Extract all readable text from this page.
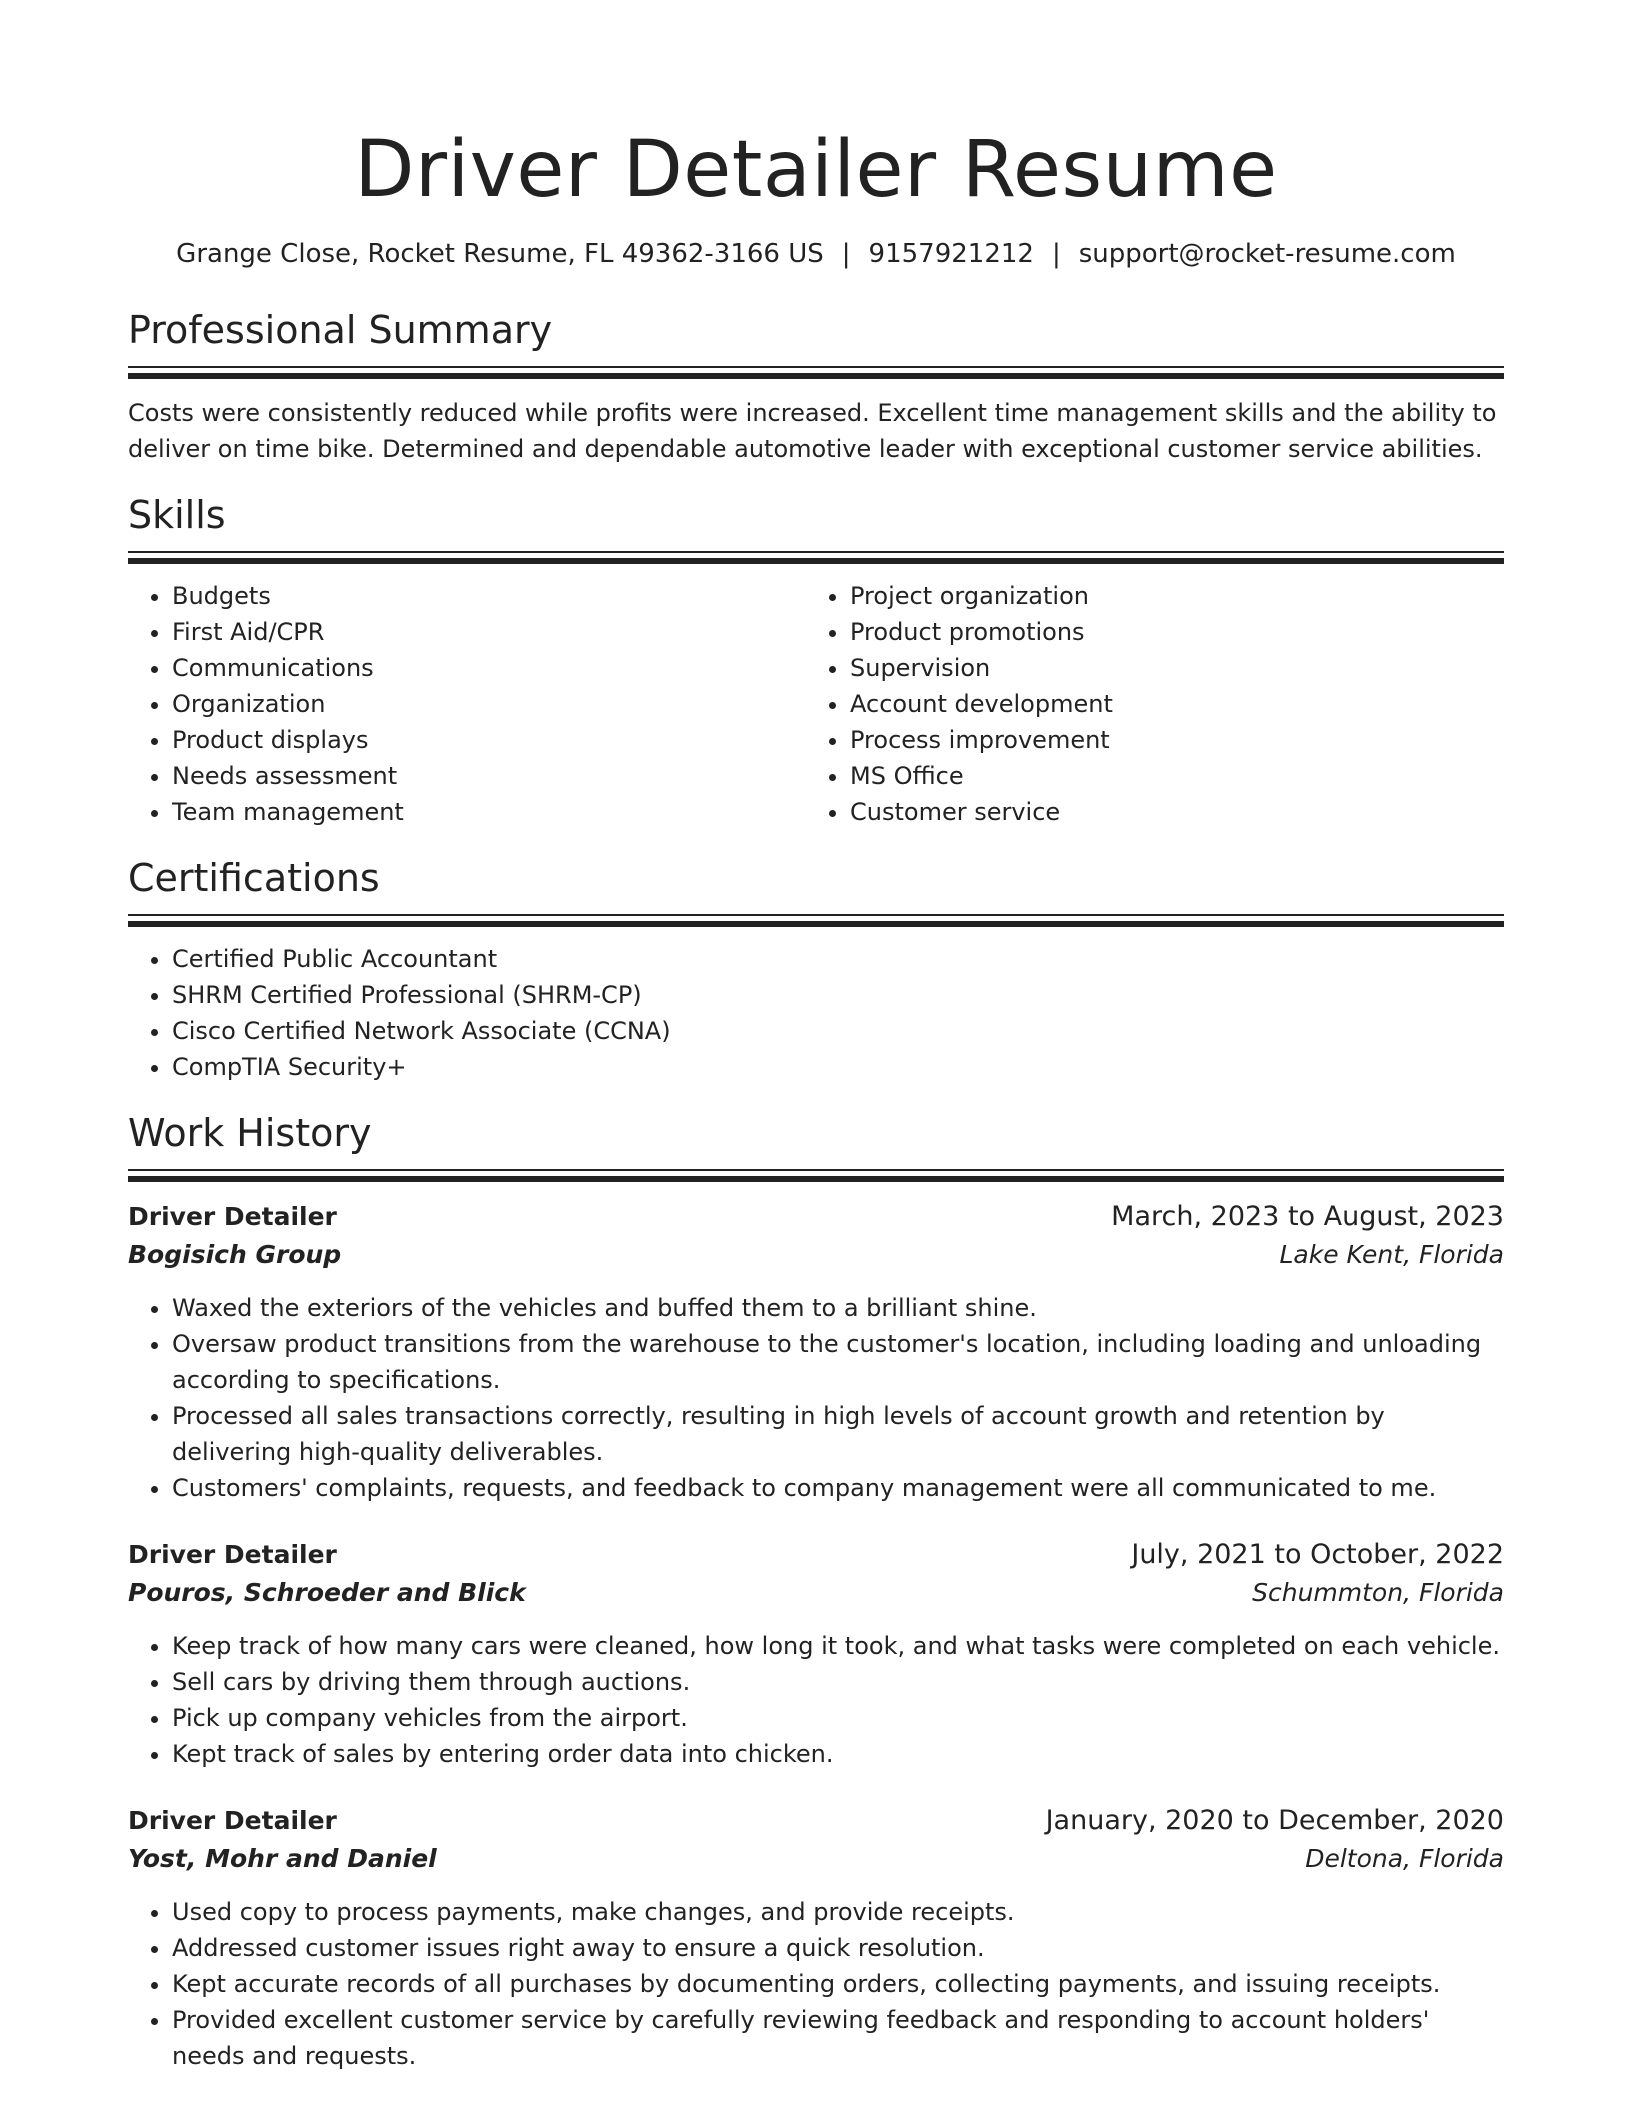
Driver Detailer Resume
Grange Close, Rocket Resume, FL 49362-3166 US | 9157921212 | support@rocket-resume.com
Professional Summary
Costs were consistently reduced while profits were increased. Excellent time management skills and the ability to deliver on time bike. Determined and dependable automotive leader with exceptional customer service abilities.
Skills
• Budgets
• First Aid/CPR
• Communications
• Organization
• Product displays
• Needs assessment
• Team management
• Project organization
• Product promotions
• Supervision
• Account development
• Process improvement
• MS Office
• Customer service
Certifications
• Certified Public Accountant
• SHRM Certified Professional (SHRM-CP)
• Cisco Certified Network Associate (CCNA)
• CompTIA Security+
Work History
Driver Detailer	March, 2023 to August, 2023
Bogisich Group	Lake Kent, Florida
• Waxed the exteriors of the vehicles and buffed them to a brilliant shine.
• Oversaw product transitions from the warehouse to the customer's location, including loading and unloading according to specifications.
• Processed all sales transactions correctly, resulting in high levels of account growth and retention by delivering high-quality deliverables.
• Customers' complaints, requests, and feedback to company management were all communicated to me.
Driver Detailer	July, 2021 to October, 2022
Pouros, Schroeder and Blick	Schummton, Florida
• Keep track of how many cars were cleaned, how long it took, and what tasks were completed on each vehicle.
• Sell cars by driving them through auctions.
• Pick up company vehicles from the airport.
• Kept track of sales by entering order data into chicken.
Driver Detailer	January, 2020 to December, 2020
Yost, Mohr and Daniel	Deltona, Florida
• Used copy to process payments, make changes, and provide receipts.
• Addressed customer issues right away to ensure a quick resolution.
• Kept accurate records of all purchases by documenting orders, collecting payments, and issuing receipts.
• Provided excellent customer service by carefully reviewing feedback and responding to account holders' needs and requests.
